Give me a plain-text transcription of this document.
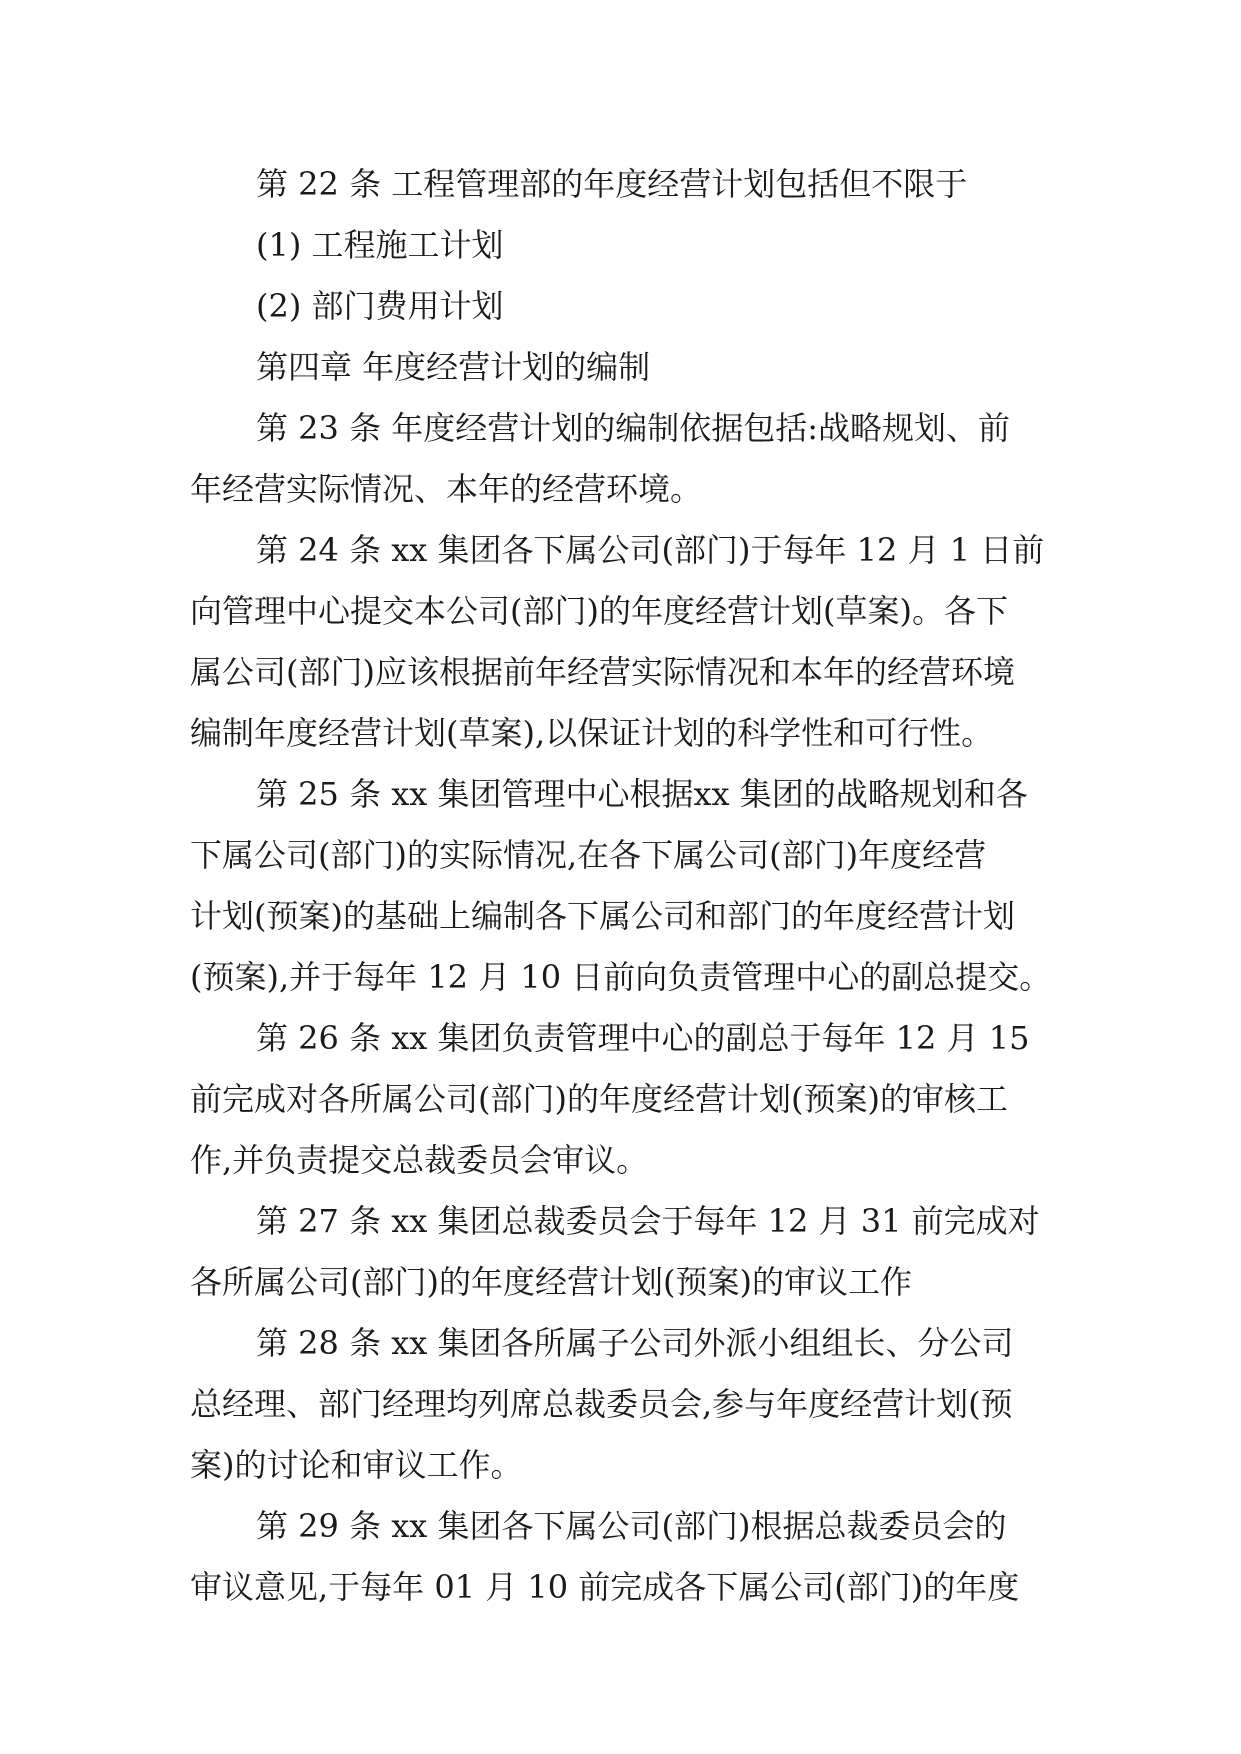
第 22 条 工程管理部的年度经营计划包括但不限于
(1) 工程施工计划
(2) 部门费用计划
第四章 年度经营计划的编制
第 23 条 年度经营计划的编制依据包括:战略规划、前
年经营实际情况、本年的经营环境。
第 24 条 xx 集团各下属公司(部门)于每年 12 月 1 日前
向管理中心提交本公司(部门)的年度经营计划(草案)。各下
属公司(部门)应该根据前年经营实际情况和本年的经营环境
编制年度经营计划(草案),以保证计划的科学性和可行性。
第 25 条 xx 集团管理中心根据xx 集团的战略规划和各
下属公司(部门)的实际情况,在各下属公司(部门)年度经营
计划(预案)的基础上编制各下属公司和部门的年度经营计划
(预案),并于每年 12 月 10 日前向负责管理中心的副总提交。
第 26 条 xx 集团负责管理中心的副总于每年 12 月 15
前完成对各所属公司(部门)的年度经营计划(预案)的审核工
作,并负责提交总裁委员会审议。
第 27 条 xx 集团总裁委员会于每年 12 月 31 前完成对
各所属公司(部门)的年度经营计划(预案)的审议工作
第 28 条 xx 集团各所属子公司外派小组组长、分公司
总经理、部门经理均列席总裁委员会,参与年度经营计划(预
案)的讨论和审议工作。
第 29 条 xx 集团各下属公司(部门)根据总裁委员会的
审议意见,于每年 01 月 10 前完成各下属公司(部门)的年度
